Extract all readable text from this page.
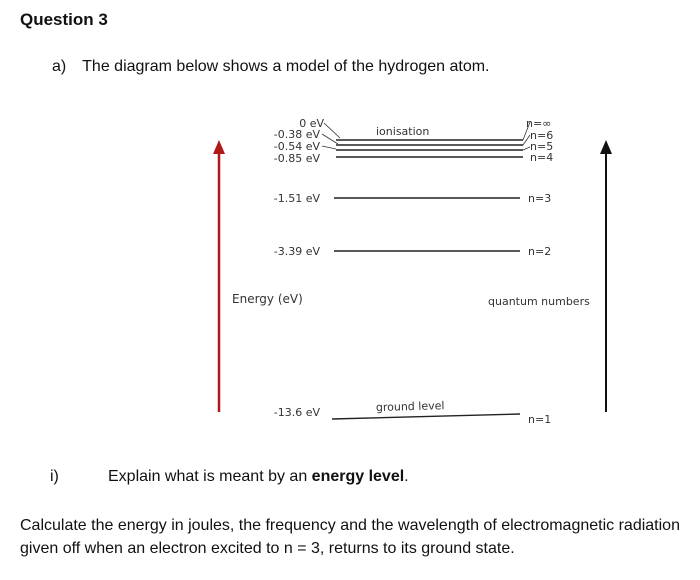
Question 3
a) The diagram below shows a model of the hydrogen atom.
0 eV
-0.38 eV
-0.54 eV
-0.85 eV
-1.51 eV
-3.39 eV
-13.6 eV
n=∞
n=6
n=5
n=4
n=3
n=2
n=1
ionisation
ground level
Energy (eV)	quantum numbers
i)	Explain what is meant by an energy level.
Calculate the energy in joules, the frequency and the wavelength of electromagnetic radiation given off when an electron excited to n = 3, returns to its ground state.
